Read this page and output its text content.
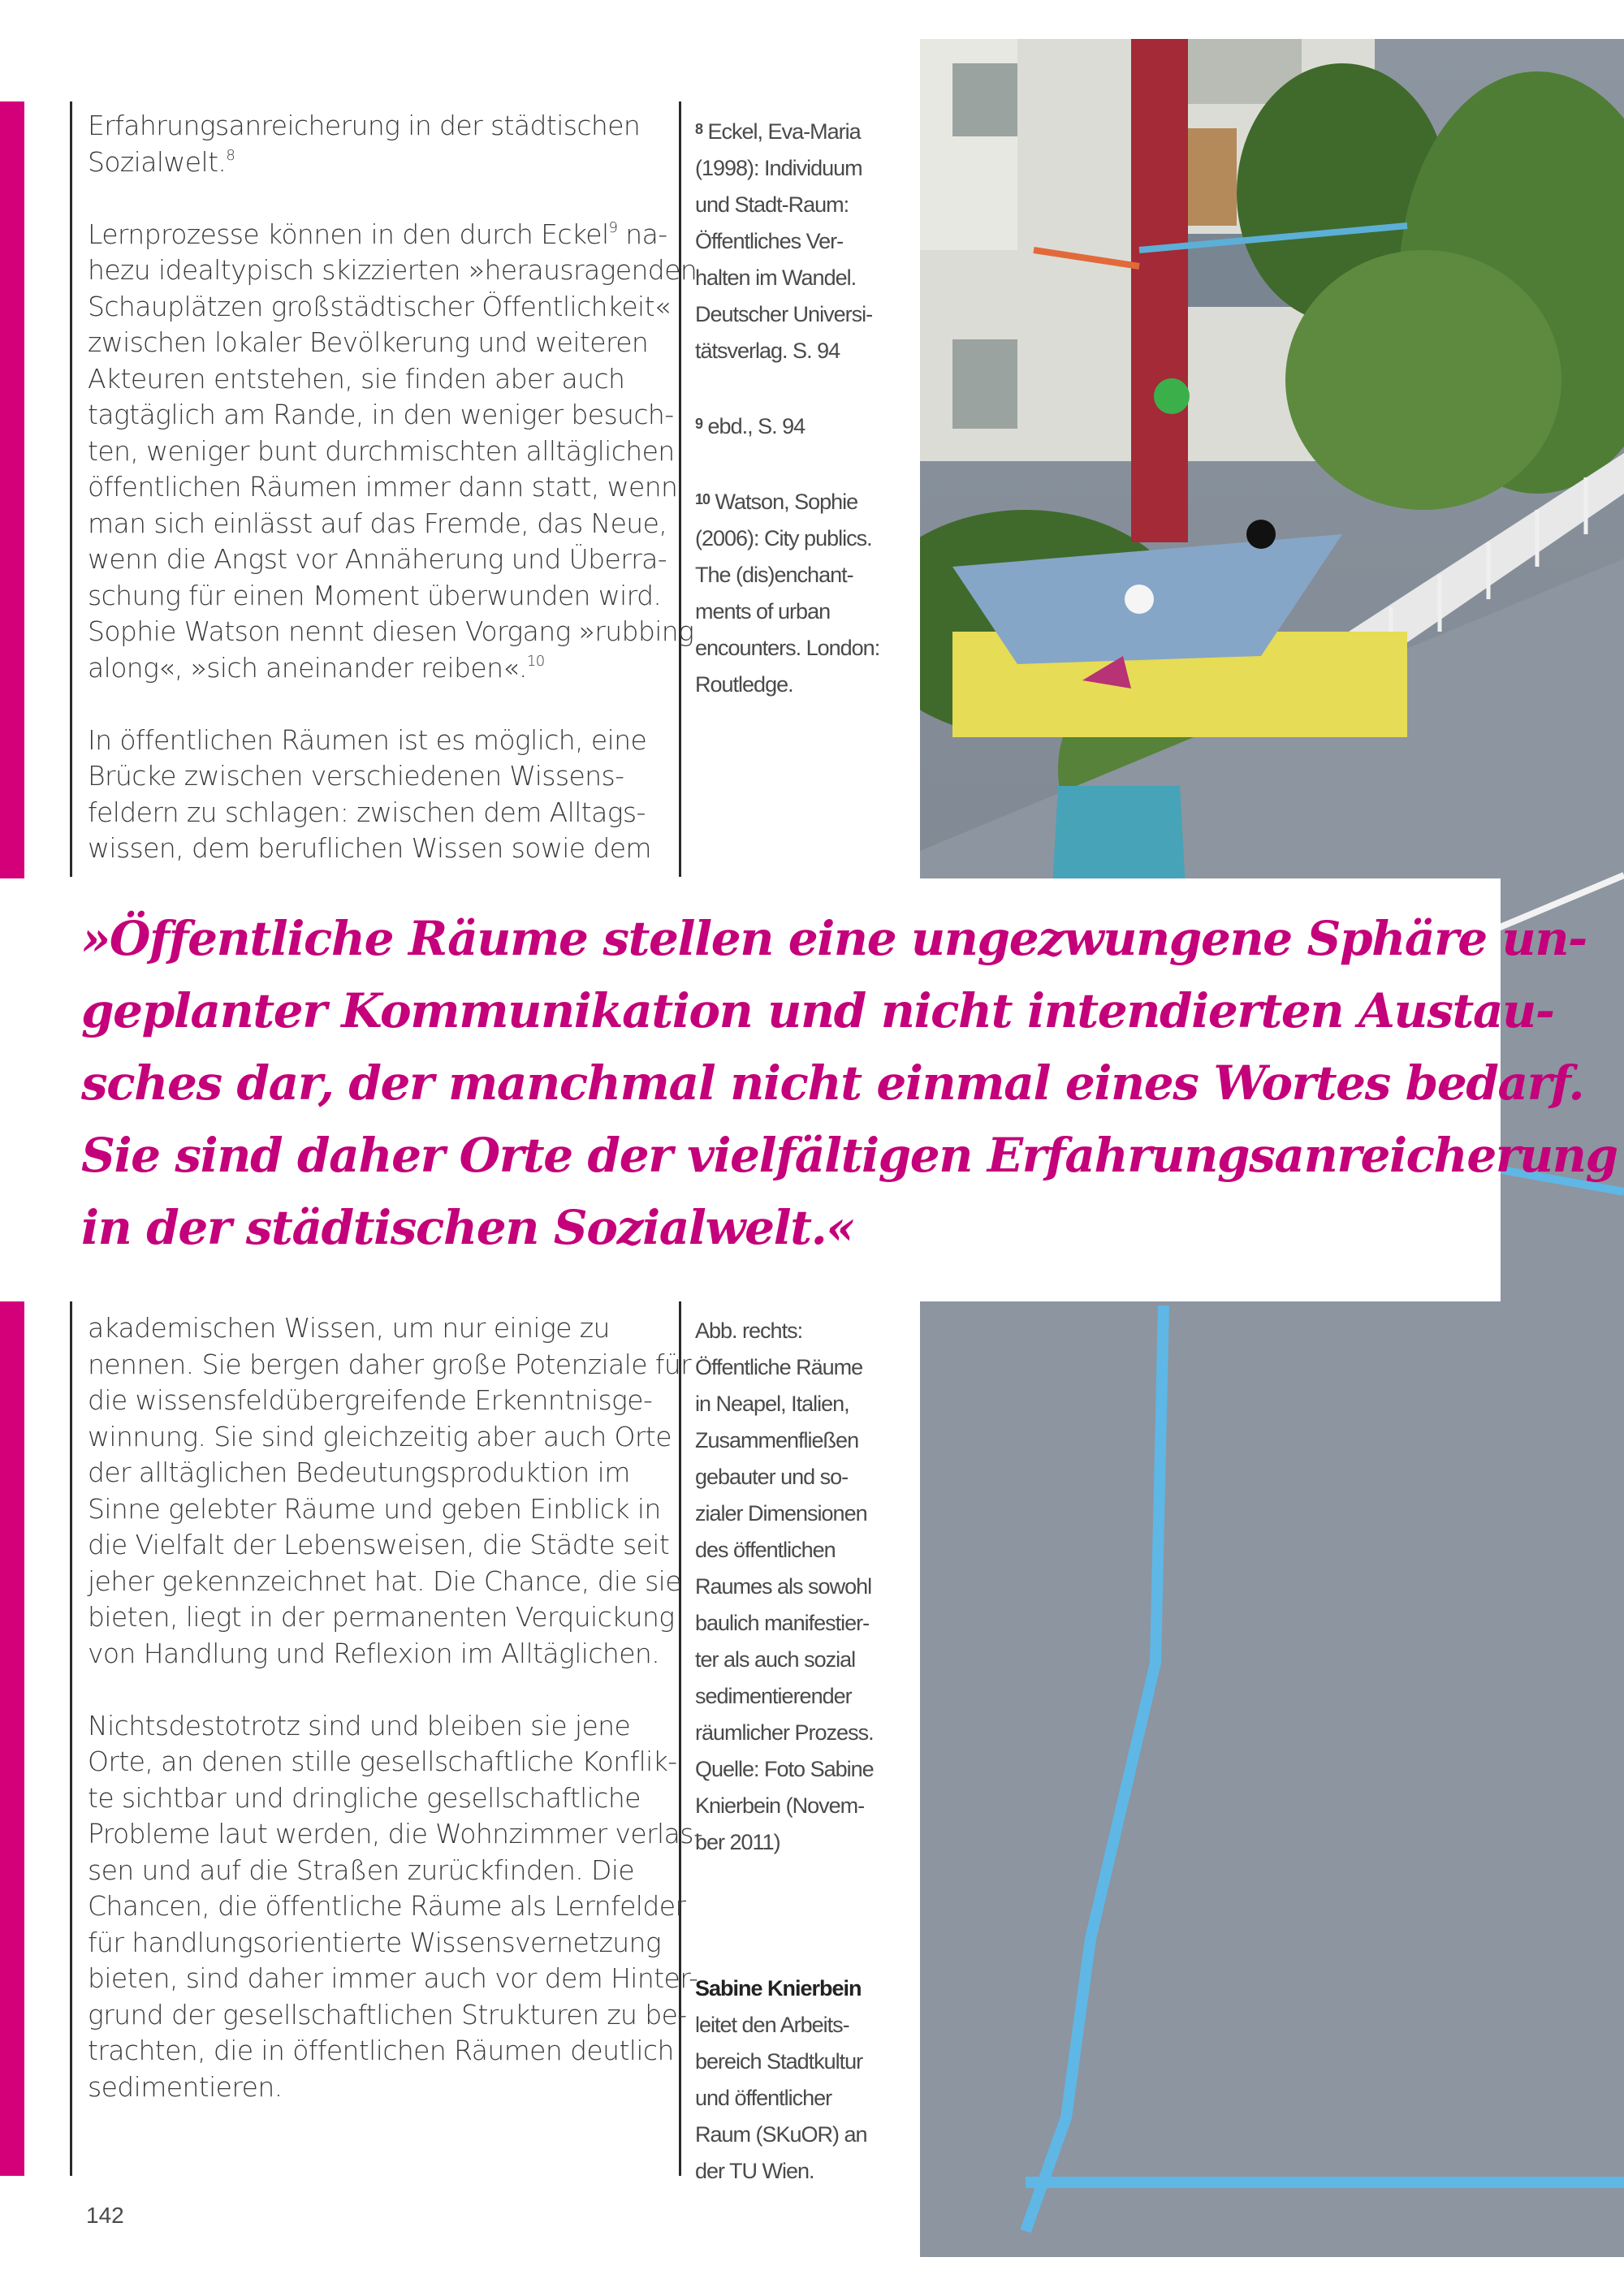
Erfahrungsanreicherung in der städtischen
Sozialwelt.$^8$

Lernprozesse können in den durch Eckel$^9$ na-
hezu idealtypisch skizzierten »herausragenden
Schauplätzen großstädtischer Öffentlichkeit«
zwischen lokaler Bevölkerung und weiteren
Akteuren entstehen, sie finden aber auch
tagtäglich am Rande, in den weniger besuch-
ten, weniger bunt durchmischten alltäglichen
öffentlichen Räumen immer dann statt, wenn
man sich einlässt auf das Fremde, das Neue,
wenn die Angst vor Annäherung und Überra-
schung für einen Moment überwunden wird.
Sophie Watson nennt diesen Vorgang »rubbing
along«, »sich aneinander reiben«.$^{10}$

In öffentlichen Räumen ist es möglich, eine
Brücke zwischen verschiedenen Wissens-
feldern zu schlagen: zwischen dem Alltags-
wissen, dem beruflichen Wissen sowie dem

$^8$ Eckel, Eva-Maria
(1998): Individuum
und Stadt-Raum:
Öffentliches Ver-
halten im Wandel.
Deutscher Universi-
tätsverlag. S. 94
$^9$ ebd., S. 94
$^{10}$ Watson, Sophie
(2006): City publics.
The (dis)enchant-
ments of urban
encounters. London:
Routledge.
»Öffentliche Räume stellen eine ungezwungene Sphäre un-
geplanter Kommunikation und nicht intendierten Austau-
sches dar, der manchmal nicht einmal eines Wortes bedarf.
Sie sind daher Orte der vielfältigen Erfahrungsanreicherung
in der städtischen Sozialwelt.«

akademischen Wissen, um nur einige zu
nennen. Sie bergen daher große Potenziale für
die wissensfeldübergreifende Erkenntnisge-
winnung. Sie sind gleichzeitig aber auch Orte
der alltäglichen Bedeutungsproduktion im
Sinne gelebter Räume und geben Einblick in
die Vielfalt der Lebensweisen, die Städte seit
jeher gekennzeichnet hat. Die Chance, die sie
bieten, liegt in der permanenten Verquickung
von Handlung und Reflexion im Alltäglichen.

Nichtsdestotrotz sind und bleiben sie jene
Orte, an denen stille gesellschaftliche Konflik-
te sichtbar und dringliche gesellschaftliche
Probleme laut werden, die Wohnzimmer verlas-
sen und auf die Straßen zurückfinden. Die
Chancen, die öffentliche Räume als Lernfelder
für handlungsorientierte Wissensvernetzung
bieten, sind daher immer auch vor dem Hinter-
grund der gesellschaftlichen Strukturen zu be-
trachten, die in öffentlichen Räumen deutlich
sedimentieren.

Abb. rechts:
Öffentliche Räume
in Neapel, Italien,
Zusammenfließen
gebauter und so-
zialer Dimensionen
des öffentlichen
Raumes als sowohl
baulich manifestier-
ter als auch sozial
sedimentierender
räumlicher Prozess.
Quelle: Foto Sabine
Knierbein (Novem-
ber 2011)
Sabine Knierbein
leitet den Arbeits-
bereich Stadtkultur
und öffentlicher
Raum (SKuOR) an
der TU Wien.
142
